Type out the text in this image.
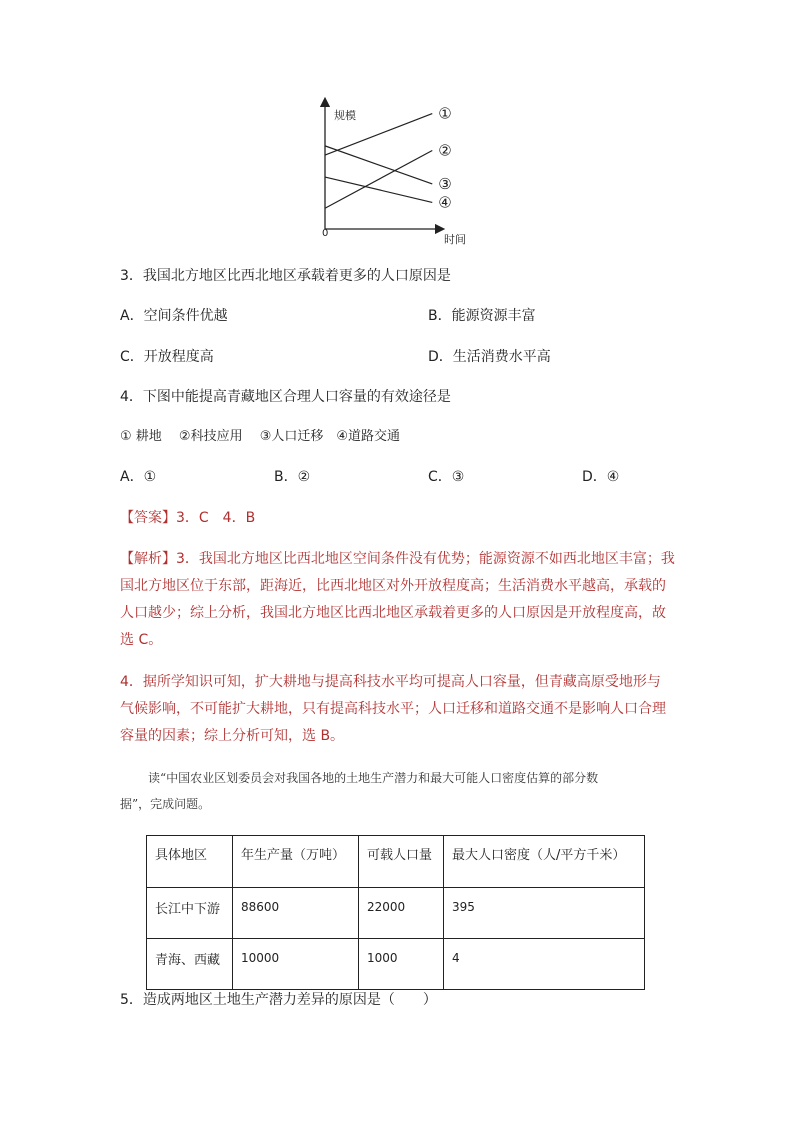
规模
时间
0
①
②
③
④
3．我国北方地区比西北地区承载着更多的人口原因是
A．空间条件优越	B．能源资源丰富
C．开放程度高	D．生活消费水平高
4．下图中能提高青藏地区合理人口容量的有效途径是
① 耕地　 ②科技应用　 ③人口迁移　④道路交通
A．①	B．②	C．③	D．④
【答案】3．C　4．B
【解析】3．我国北方地区比西北地区空间条件没有优势；能源资源不如西北地区丰富；我
国北方地区位于东部，距海近，比西北地区对外开放程度高；生活消费水平越高，承载的
人口越少；综上分析，我国北方地区比西北地区承载着更多的人口原因是开放程度高，故
选 C。
4．据所学知识可知，扩大耕地与提高科技水平均可提高人口容量，但青藏高原受地形与
气候影响，不可能扩大耕地，只有提高科技水平；人口迁移和道路交通不是影响人口合理
容量的因素；综上分析可知，选 B。
读“中国农业区划委员会对我国各地的土地生产潜力和最大可能人口密度估算的部分数
据”，完成问题。
具体地区	年生产量（万吨）	可载人口量	最大人口密度（人/平方千米）
长江中下游	88600	22000	395
青海、西藏	10000	1000	4
5．造成两地区土地生产潜力差异的原因是（　　）
